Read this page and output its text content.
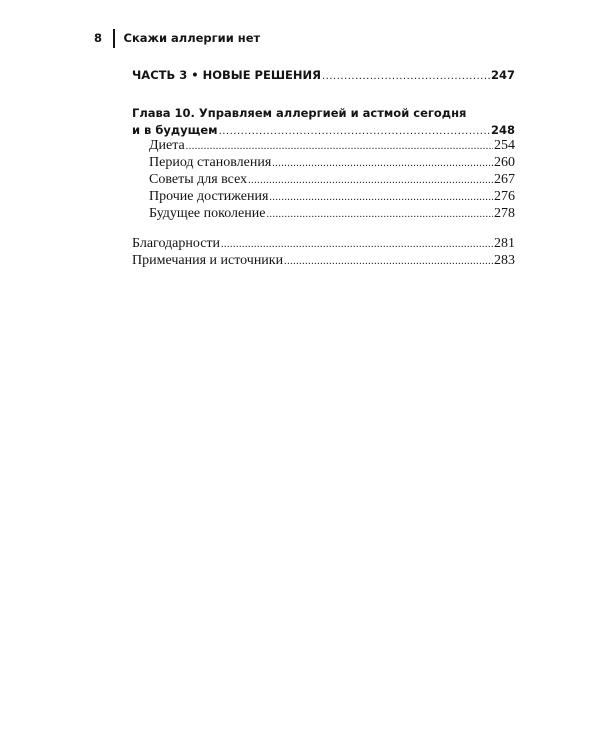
8 Скажи аллергии нет
ЧАСТЬ 3 • НОВЫЕ РЕШЕНИЯ .....	247
Глава 10. Управляем аллергией и астмой сегодня
и в будущем .....	248
Диета .....	254
Период становления .....	260
Советы для всех .....	267
Прочие достижения .....	276
Будущее поколение .....	278
Благодарности .....	281
Примечания и источники .....	283
